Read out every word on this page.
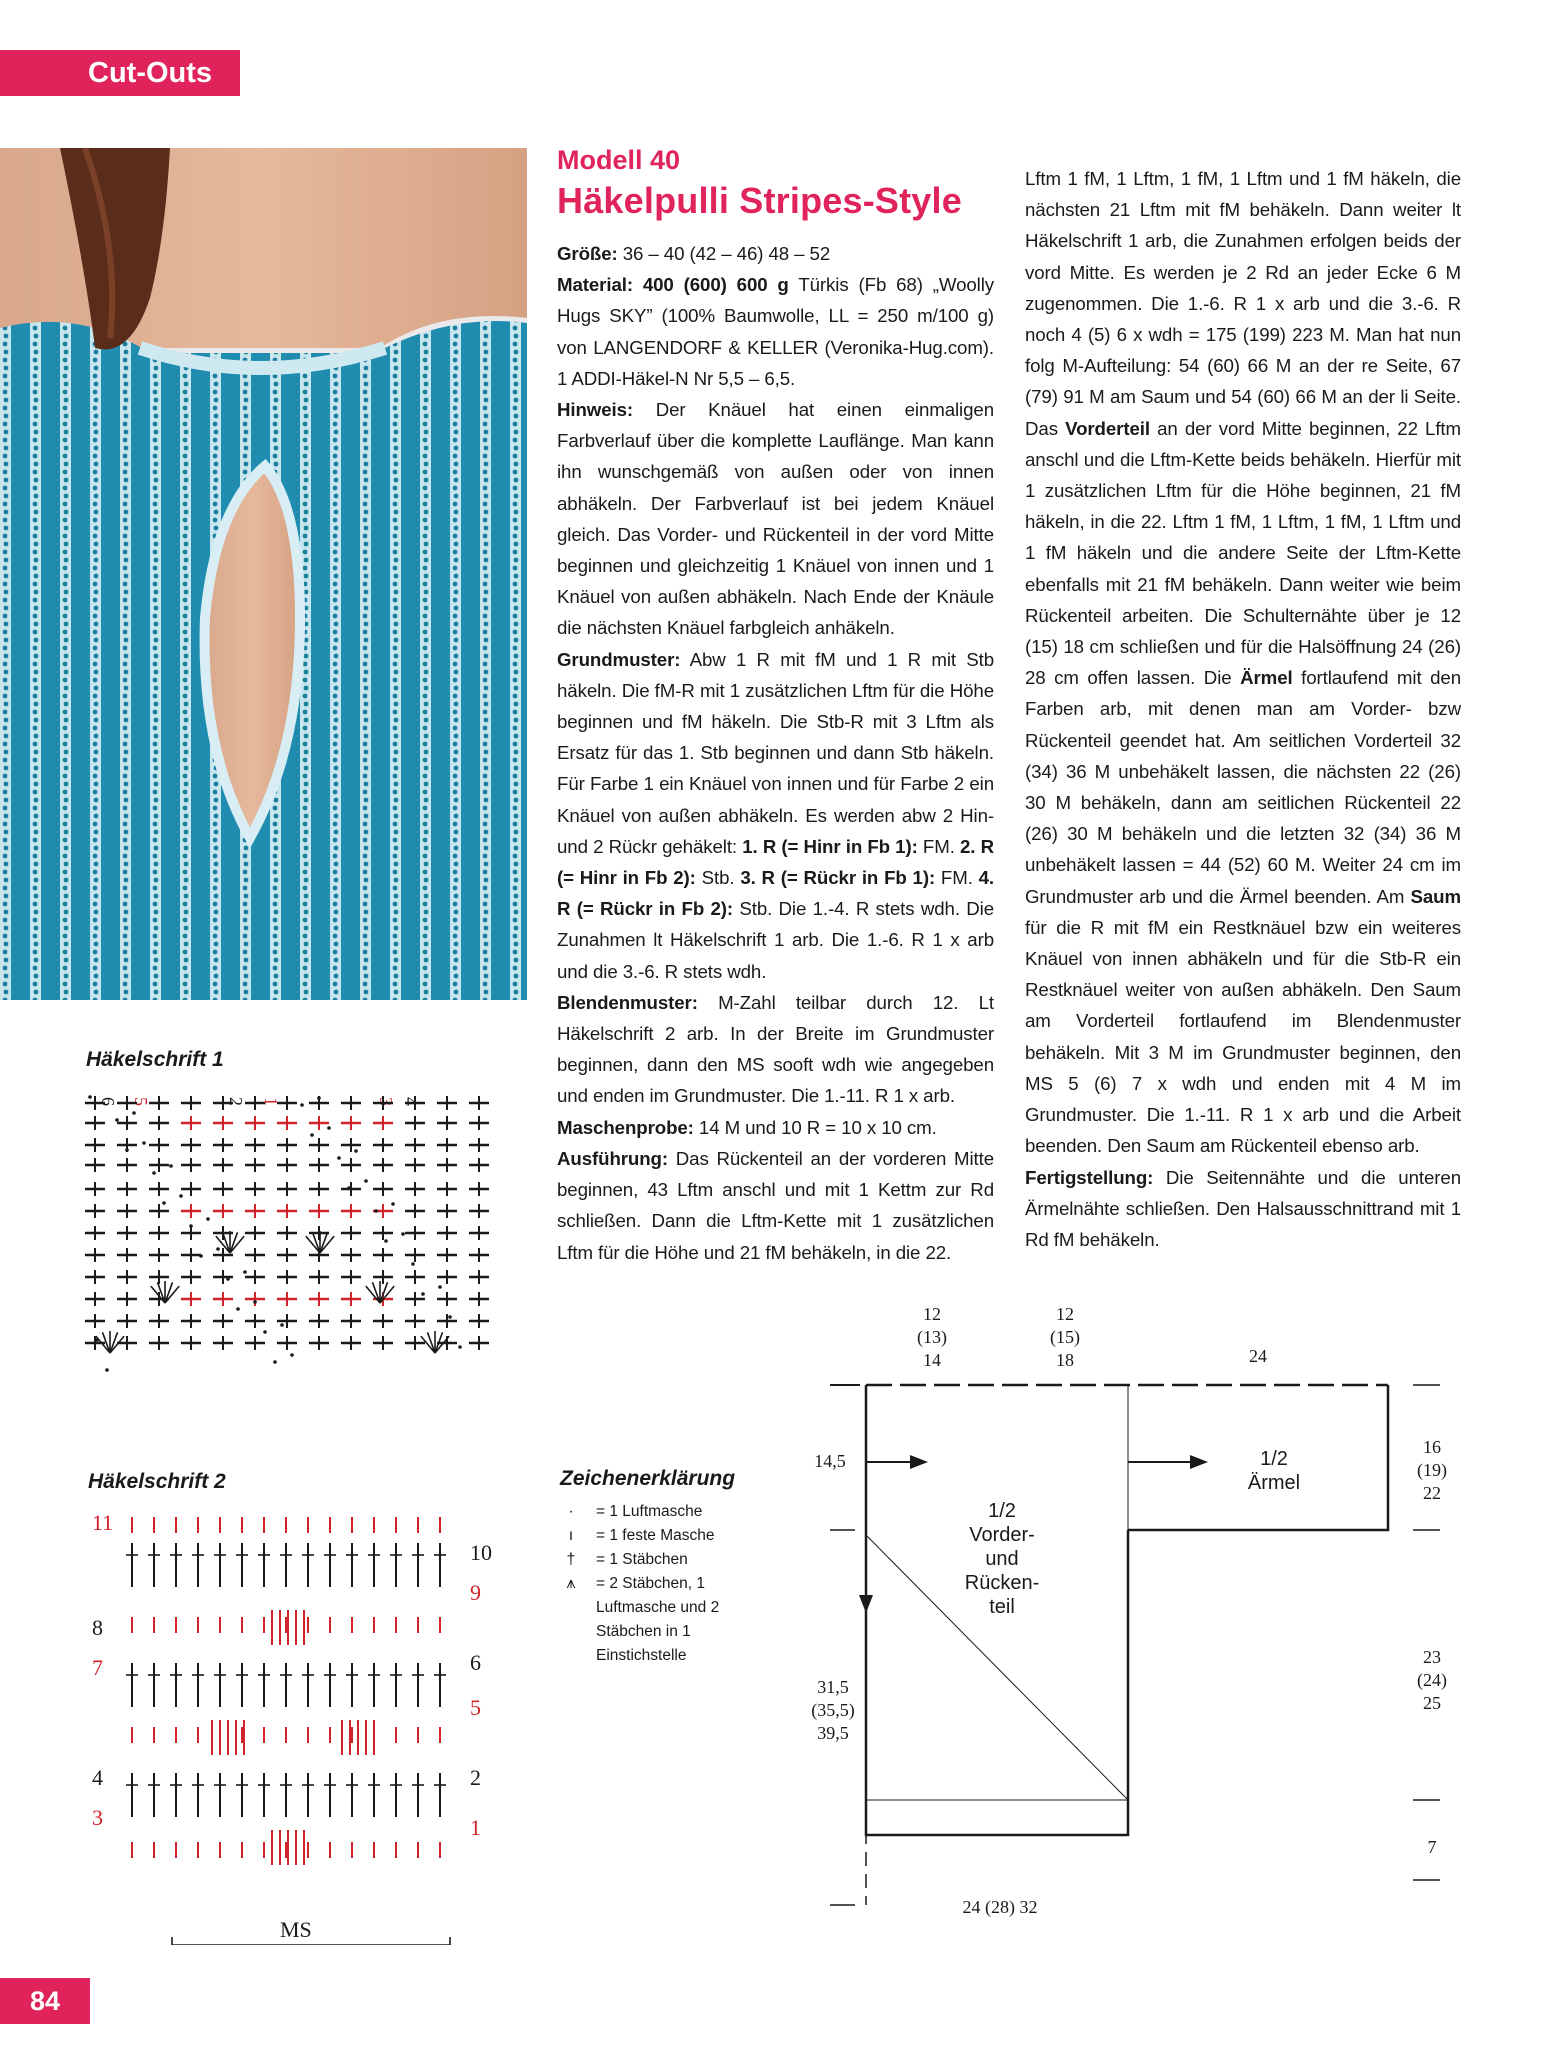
Cut-Outs
Modell 40
Häkelpulli Stripes-Style

Größe: 36 – 40 (42 – 46) 48 – 52

Material: 400 (600) 600 g Türkis (Fb 68) „Woolly Hugs SKY” (100% Baumwolle, LL = 250 m/100 g) von LANGENDORF & KELLER (Veronika-Hug.com). 1 ADDI-Häkel-N Nr 5,5 – 6,5.

Hinweis: Der Knäuel hat einen einmaligen Farbverlauf über die komplette Lauflänge. Man kann ihn wunschgemäß von außen oder von innen abhäkeln. Der Farbverlauf ist bei jedem Knäuel gleich. Das Vorder- und Rückenteil in der vord Mitte beginnen und gleichzeitig 1 Knäuel von innen und 1 Knäuel von außen abhäkeln. Nach Ende der Knäule die nächsten Knäuel farbgleich anhäkeln.

Grundmuster: Abw 1 R mit fM und 1 R mit Stb häkeln. Die fM-R mit 1 zusätzlichen Lftm für die Höhe beginnen und fM häkeln. Die Stb-R mit 3 Lftm als Ersatz für das 1. Stb beginnen und dann Stb häkeln. Für Farbe 1 ein Knäuel von innen und für Farbe 2 ein Knäuel von außen abhäkeln. Es werden abw 2 Hin- und 2 Rückr gehäkelt: 1. R (= Hinr in Fb 1): FM. 2. R (= Hinr in Fb 2): Stb. 3. R (= Rückr in Fb 1): FM. 4. R (= Rückr in Fb 2): Stb. Die 1.-4. R stets wdh. Die Zunahmen lt Häkelschrift 1 arb. Die 1.-6. R 1 x arb und die 3.-6. R stets wdh.

Blendenmuster: M-Zahl teilbar durch 12. Lt Häkelschrift 2 arb. In der Breite im Grundmuster beginnen, dann den MS sooft wdh wie angegeben und enden im Grundmuster. Die 1.-11. R 1 x arb.

Maschenprobe: 14 M und 10 R = 10 x 10 cm.

Ausführung: Das Rückenteil an der vorderen Mitte beginnen, 43 Lftm anschl und mit 1 Kettm zur Rd schließen. Dann die Lftm-Kette mit 1 zusätzlichen Lftm für die Höhe und 21 fM behäkeln, in die 22.

Lftm 1 fM, 1 Lftm, 1 fM, 1 Lftm und 1 fM häkeln, die nächsten 21 Lftm mit fM behäkeln. Dann weiter lt Häkelschrift 1 arb, die Zunahmen erfolgen beids der vord Mitte. Es werden je 2 Rd an jeder Ecke 6 M zugenommen. Die 1.-6. R 1 x arb und die 3.-6. R noch 4 (5) 6 x wdh = 175 (199) 223 M. Man hat nun folg M-Aufteilung: 54 (60) 66 M an der re Seite, 67 (79) 91 M am Saum und 54 (60) 66 M an der li Seite. Das Vorderteil an der vord Mitte beginnen, 22 Lftm anschl und die Lftm-Kette beids behäkeln. Hierfür mit 1 zusätzlichen Lftm für die Höhe beginnen, 21 fM häkeln, in die 22. Lftm 1 fM, 1 Lftm, 1 fM, 1 Lftm und 1 fM häkeln und die andere Seite der Lftm-Kette ebenfalls mit 21 fM behäkeln. Dann weiter wie beim Rückenteil arbeiten. Die Schulternähte über je 12 (15) 18 cm schließen und für die Halsöffnung 24 (26) 28 cm offen lassen. Die Ärmel fortlaufend mit den Farben arb, mit denen man am Vorder- bzw Rückenteil geendet hat. Am seitlichen Vorderteil 32 (34) 36 M unbehäkelt lassen, die nächsten 22 (26) 30 M behäkeln, dann am seitlichen Rückenteil 22 (26) 30 M behäkeln und die letzten 32 (34) 36 M unbehäkelt lassen = 44 (52) 60 M. Weiter 24 cm im Grundmuster arb und die Ärmel beenden. Am Saum für die R mit fM ein Restknäuel bzw ein weiteres Knäuel von innen abhäkeln und für die Stb-R ein Restknäuel weiter von außen abhäkeln. Den Saum am Vorderteil fortlaufend im Blendenmuster behäkeln. Mit 3 M im Grundmuster beginnen, den MS 5 (6) 7 x wdh und enden mit 4 M im Grundmuster. Die 1.-11. R 1 x arb und die Arbeit beenden. Den Saum am Rückenteil ebenso arb.

Fertigstellung: Die Seitennähte und die unteren Ärmelnähte schließen. Den Halsausschnittrand mit 1 Rd fM behäkeln.

Häkelschrift 1
6 5	2 1	3 4
Häkelschrift 2
11
8
7
4
3
10
9
6
5
2
1
MS
Zeichenerklärung
·	= 1 Luftmasche
ı	= 1 feste Masche
†	= 1 Stäbchen
⩚	= 2 Stäbchen, 1 Luftmasche und 2 Stäbchen in 1 Einstichstelle
12
(13)
14
12
(15)
18	24
14,5
1/2
Vorder-
und
Rücken-
teil
1/2
Ärmel
16
(19)
22
31,5
(35,5)
39,5
23
(24)
25
7
24 (28) 32
84
